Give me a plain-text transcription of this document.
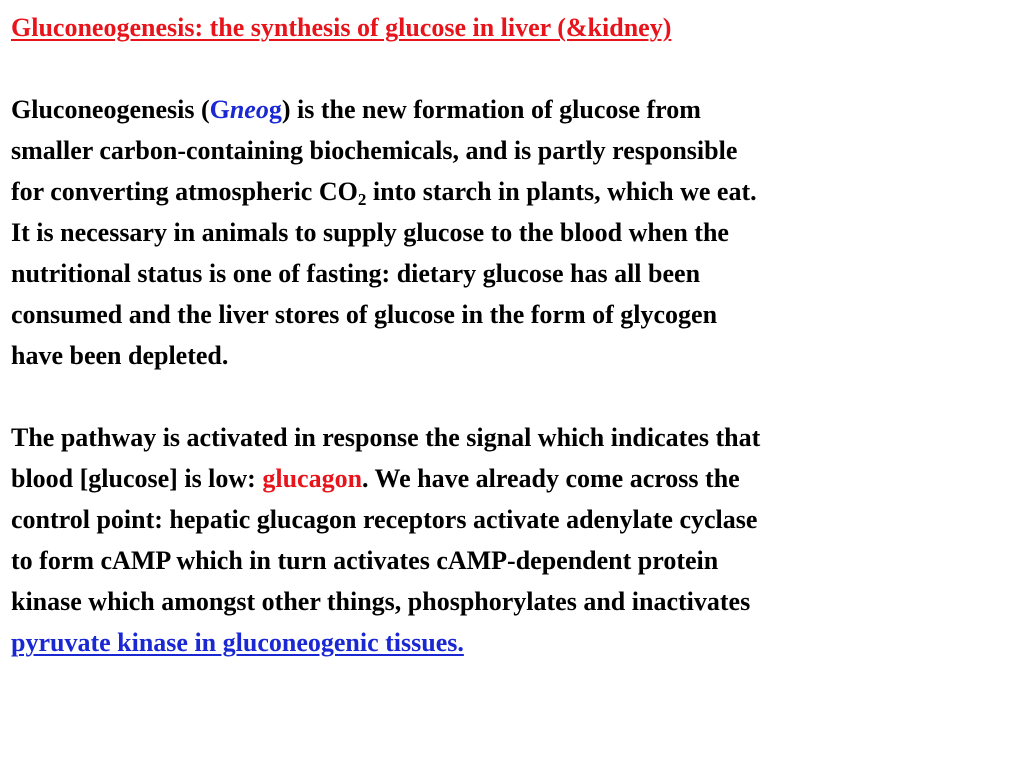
Gluconeogenesis: the synthesis of glucose in liver (&kidney)
Gluconeogenesis (Gneog) is the new formation of glucose from
smaller carbon-containing biochemicals, and is partly responsible
for converting atmospheric $CO_2$ into starch in plants, which we eat.
It is necessary in animals to supply glucose to the blood when the
nutritional status is one of fasting: dietary glucose has all been
consumed and the liver stores of glucose in the form of glycogen
have been depleted.
The pathway is activated in response the signal which indicates that
blood [glucose] is low: glucagon. We have already come across the
control point: hepatic glucagon receptors activate adenylate cyclase
to form cAMP which in turn activates cAMP-dependent protein
kinase which amongst other things, phosphorylates and inactivates
pyruvate kinase in gluconeogenic tissues.
